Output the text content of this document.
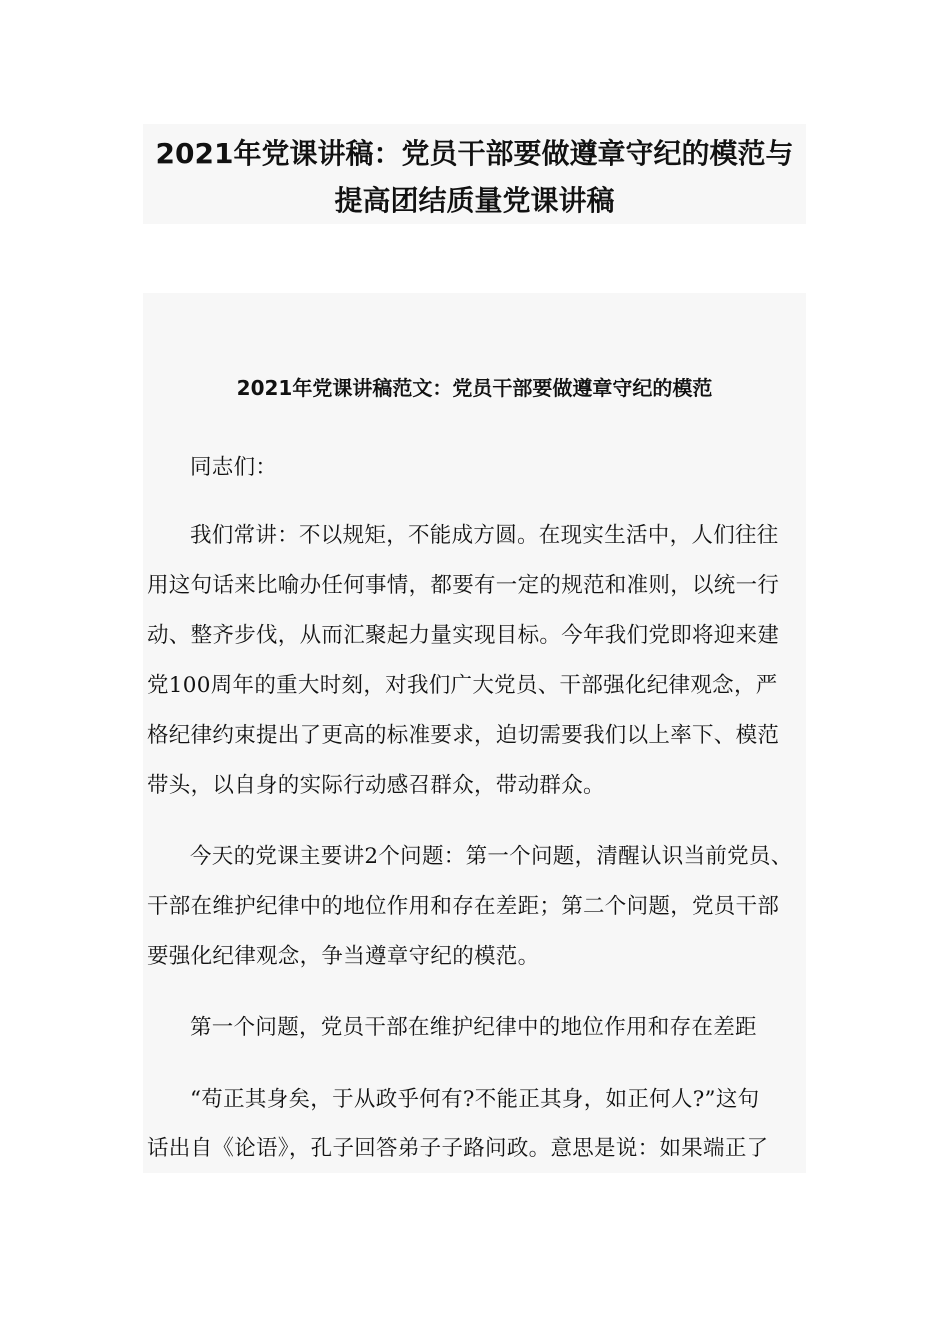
2021年党课讲稿：党员干部要做遵章守纪的模范与
提高团结质量党课讲稿
2021年党课讲稿范文：党员干部要做遵章守纪的模范
同志们：
我们常讲：不以规矩，不能成方圆。在现实生活中，人们往往
用这句话来比喻办任何事情，都要有一定的规范和准则，以统一行
动、整齐步伐，从而汇聚起力量实现目标。今年我们党即将迎来建
党100周年的重大时刻，对我们广大党员、干部强化纪律观念，严
格纪律约束提出了更高的标准要求，迫切需要我们以上率下、模范
带头，以自身的实际行动感召群众，带动群众。
今天的党课主要讲2个问题：第一个问题，清醒认识当前党员、
干部在维护纪律中的地位作用和存在差距；第二个问题，党员干部
要强化纪律观念，争当遵章守纪的模范。
第一个问题，党员干部在维护纪律中的地位作用和存在差距
“苟正其身矣，于从政乎何有?不能正其身，如正何人?”这句
话出自《论语》，孔子回答弟子子路问政。意思是说：如果端正了
